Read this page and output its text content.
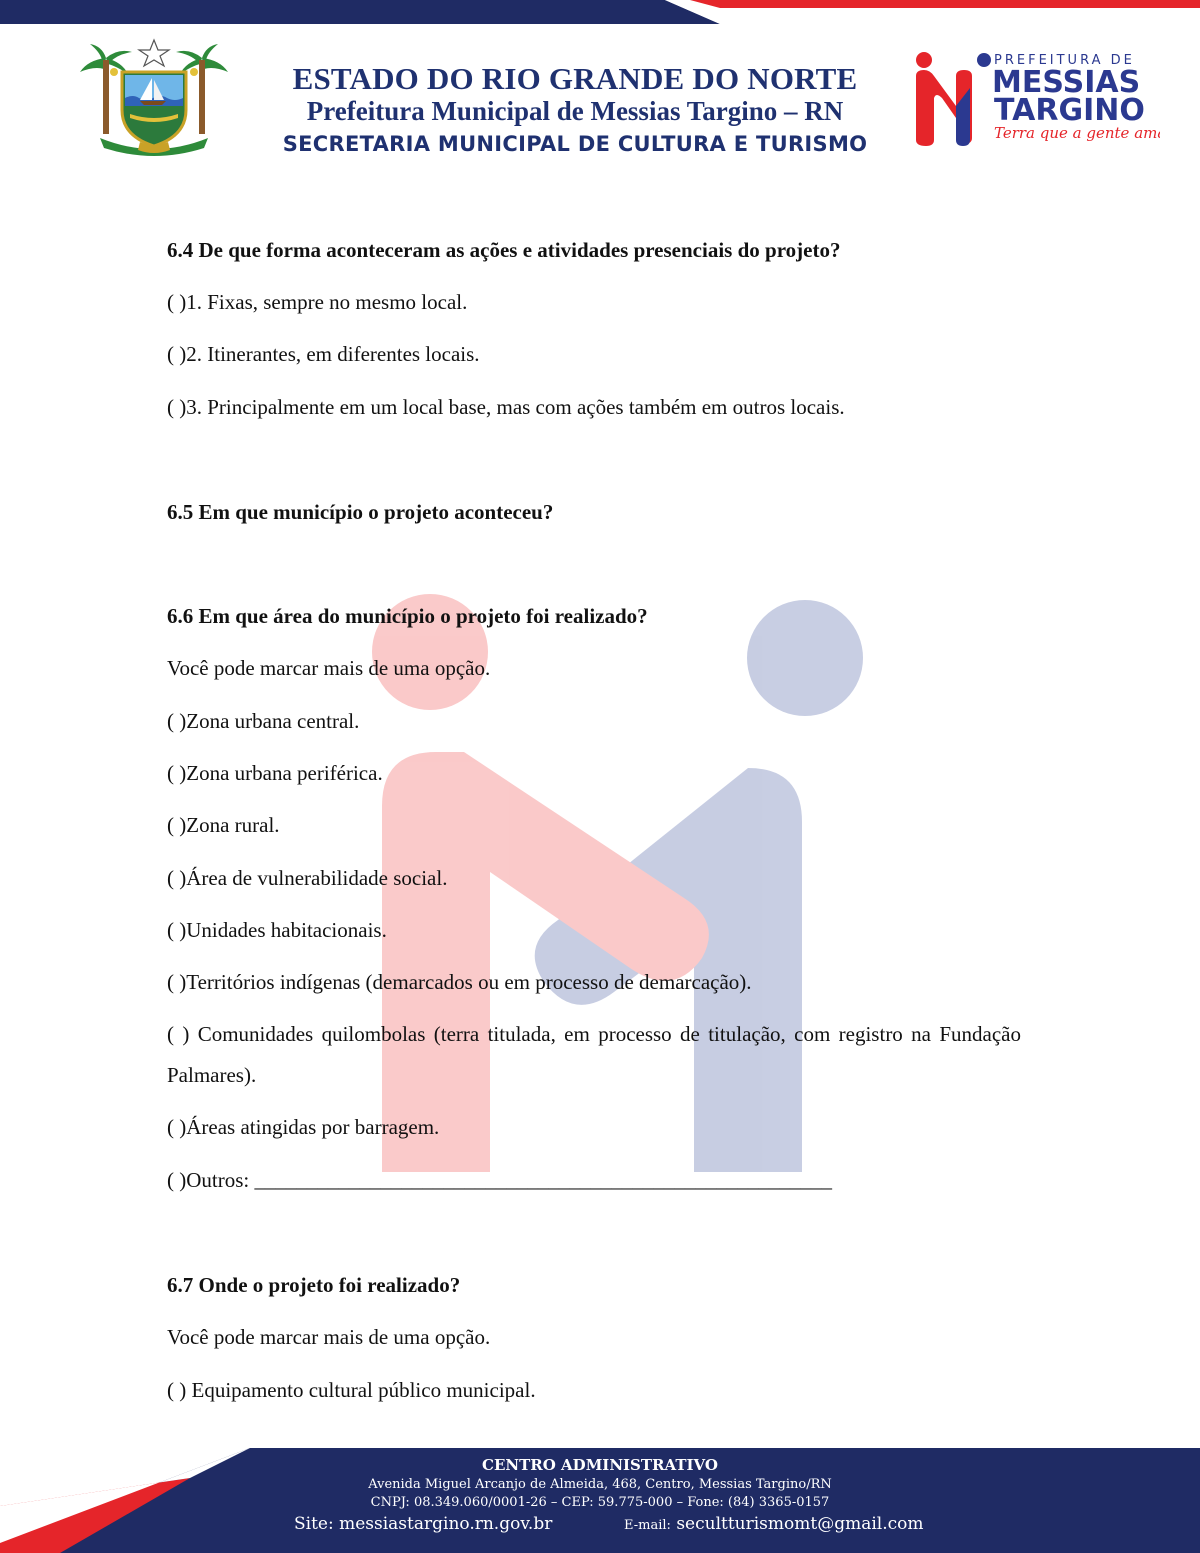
ESTADO DO RIO GRANDE DO NORTE
Prefeitura Municipal de Messias Targino – RN
SECRETARIA MUNICIPAL DE CULTURA E TURISMO
PREFEITURA DE
MESSIAS
TARGINO
Terra que a gente ama!

6.4 De que forma aconteceram as ações e atividades presenciais do projeto?

( )1. Fixas, sempre no mesmo local.

( )2. Itinerantes, em diferentes locais.

( )3. Principalmente em um local base, mas com ações também em outros locais.

6.5 Em que município o projeto aconteceu?

6.6 Em que área do município o projeto foi realizado?

Você pode marcar mais de uma opção.

( )Zona urbana central.

( )Zona urbana periférica.

( )Zona rural.

( )Área de vulnerabilidade social.

( )Unidades habitacionais.

( )Territórios indígenas (demarcados ou em processo de demarcação).

( ) Comunidades quilombolas (terra titulada, em processo de titulação, com registro na Fundação Palmares).

( )Áreas atingidas por barragem.

( )Outros: _______________________________________________________

6.7 Onde o projeto foi realizado?

Você pode marcar mais de uma opção.

( ) Equipamento cultural público municipal.

CENTRO ADMINISTRATIVO
Avenida Miguel Arcanjo de Almeida, 468, Centro, Messias Targino/RN
CNPJ: 08.349.060/0001-26 – CEP: 59.775-000 – Fone: (84) 3365-0157
Site: messiastargino.rn.gov.br	E-mail: secultturismomt@gmail.com
